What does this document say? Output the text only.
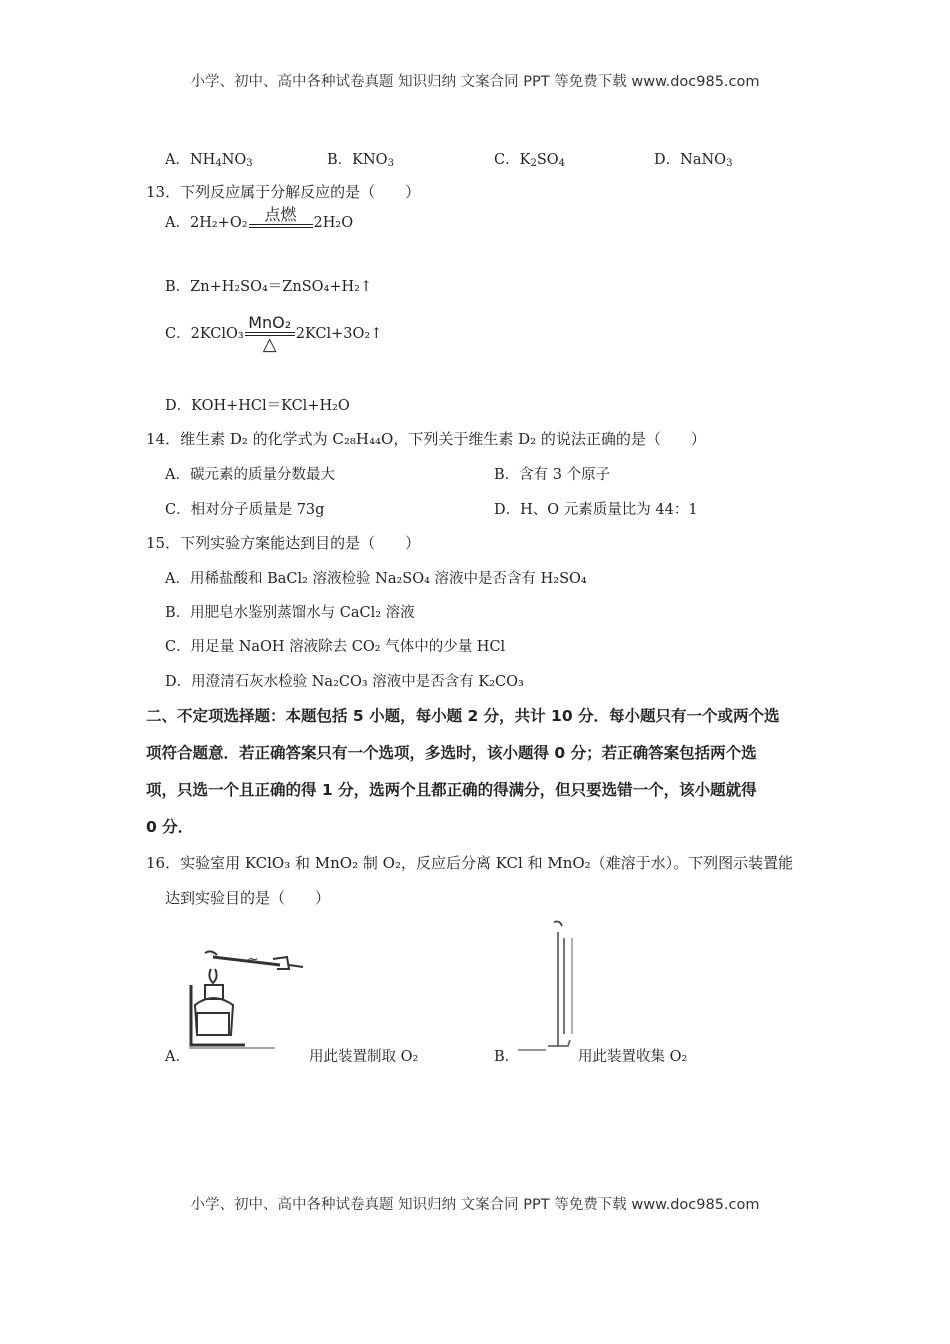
小学、初中、高中各种试卷真题 知识归纳 文案合同 PPT 等免费下载 www.doc985.com
A．$NH_4NO_3$	B．$KNO_3$	C．$K_2SO_4$	D．NaNO$_3$
13．下列反应属于分解反应的是（　　）
A．2H₂+O₂	点燃	2H₂O
B．Zn+H₂SO₄＝ZnSO₄+H₂↑
C．2KClO₃
MnO₂
△	2KCl+3O₂↑
D．KOH+HCl＝KCl+H₂O
14．维生素 D₂ 的化学式为 C₂₈H₄₄O，下列关于维生素 D₂ 的说法正确的是（　　）
A．碳元素的质量分数最大	B．含有 3 个原子
C．相对分子质量是 73g	D．H、O 元素质量比为 44：1
15．下列实验方案能达到目的是（　　）
A．用稀盐酸和 BaCl₂ 溶液检验 Na₂SO₄ 溶液中是否含有 H₂SO₄
B．用肥皂水鉴别蒸馏水与 CaCl₂ 溶液
C．用足量 NaOH 溶液除去 CO₂ 气体中的少量 HCl
D．用澄清石灰水检验 Na₂CO₃ 溶液中是否含有 K₂CO₃
二、不定项选择题：本题包括 5 小题，每小题 2 分，共计 10 分．每小题只有一个或两个选
项符合题意．若正确答案只有一个选项，多选时，该小题得 0 分；若正确答案包括两个选
项，只选一个且正确的得 1 分，选两个且都正确的得满分，但只要选错一个，该小题就得
0 分．
16．实验室用 KClO₃ 和 MnO₂ 制 O₂，反应后分离 KCl 和 MnO₂（难溶于水）。下列图示装置能
达到实验目的是（　　）
≈
A．	用此装置制取 O₂	B．	用此装置收集 O₂
小学、初中、高中各种试卷真题 知识归纳 文案合同 PPT 等免费下载 www.doc985.com
